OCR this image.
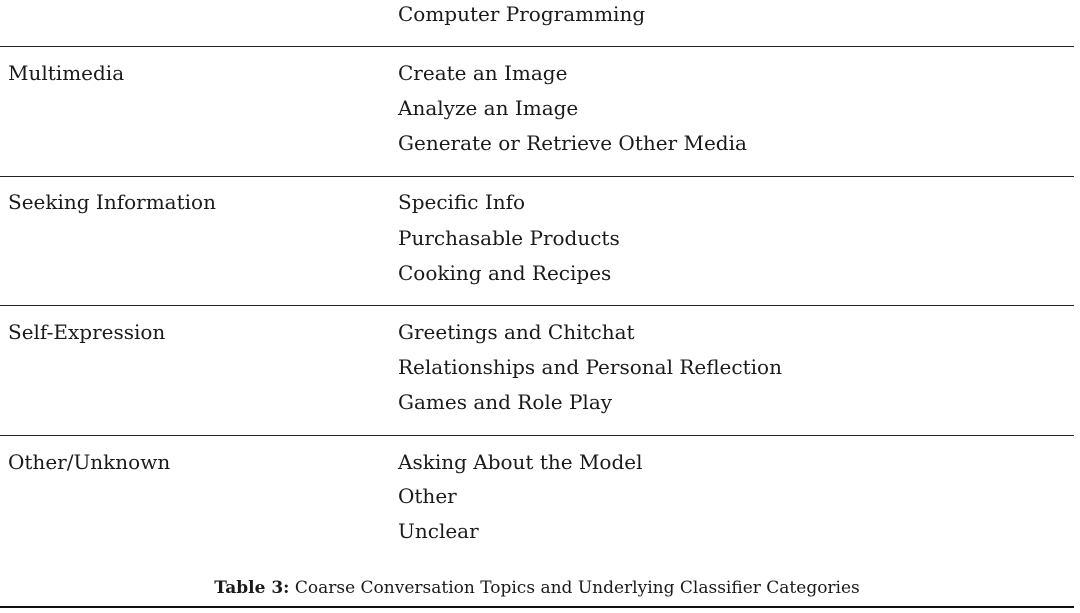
Computer Programming
Multimedia	Create an Image
Analyze an Image
Generate or Retrieve Other Media
Seeking Information	Specific Info
Purchasable Products
Cooking and Recipes
Self-Expression	Greetings and Chitchat
Relationships and Personal Reflection
Games and Role Play
Other/Unknown	Asking About the Model
Other
Unclear
Table 3: Coarse Conversation Topics and Underlying Classifier Categories
